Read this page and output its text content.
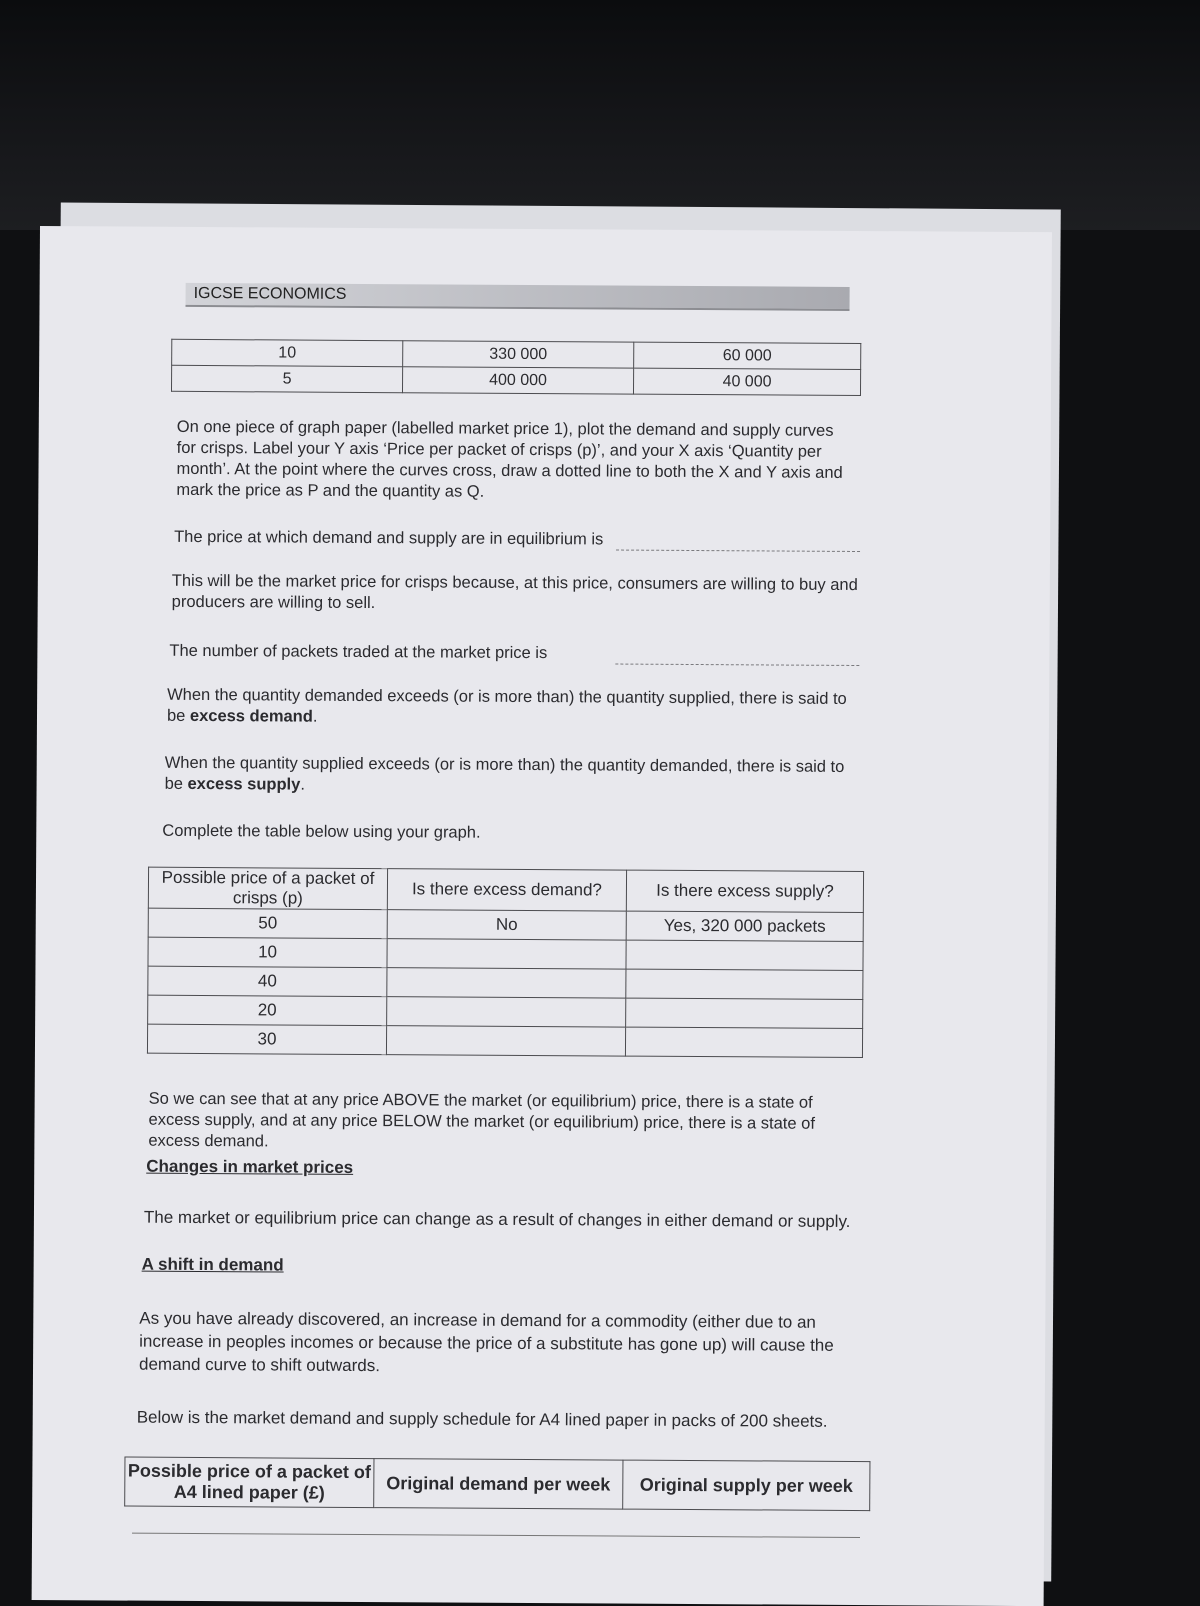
IGCSE ECONOMICS
10	330 000	60 000
5	400 000	40 000
On one piece of graph paper (labelled market price 1), plot the demand and supply curves for crisps. Label your Y axis ‘Price per packet of crisps (p)’, and your X axis ‘Quantity per month’. At the point where the curves cross, draw a dotted line to both the X and Y axis and mark the price as P and the quantity as Q.
The price at which demand and supply are in equilibrium is
This will be the market price for crisps because, at this price, consumers are willing to buy and producers are willing to sell.
The number of packets traded at the market price is
When the quantity demanded exceeds (or is more than) the quantity supplied, there is said to be excess demand.
When the quantity supplied exceeds (or is more than) the quantity demanded, there is said to be excess supply.
Complete the table below using your graph.
Possible price of a packet of crisps (p)	Is there excess demand?	Is there excess supply?
50	No	Yes, 320 000 packets
10		
40		
20		
30		
So we can see that at any price ABOVE the market (or equilibrium) price, there is a state of excess supply, and at any price BELOW the market (or equilibrium) price, there is a state of excess demand.
Changes in market prices
The market or equilibrium price can change as a result of changes in either demand or supply.
A shift in demand
As you have already discovered, an increase in demand for a commodity (either due to an increase in peoples incomes or because the price of a substitute has gone up) will cause the demand curve to shift outwards.
Below is the market demand and supply schedule for A4 lined paper in packs of 200 sheets.
Possible price of a packet of A4 lined paper (£)	Original demand per week	Original supply per week
